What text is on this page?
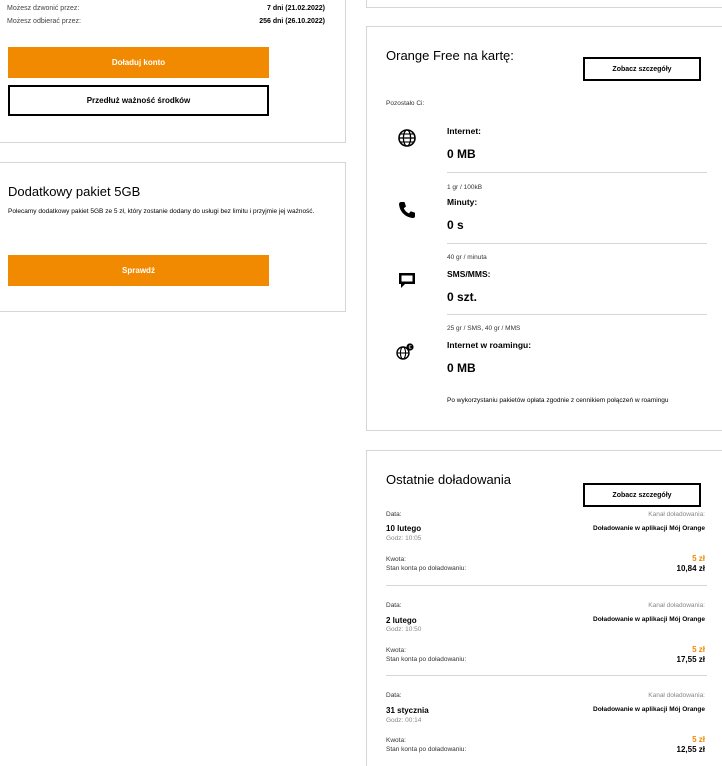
Możesz dzwonić przez:	7 dni (21.02.2022)
Możesz odbierać przez:	256 dni (26.10.2022)
Doładuj konto
Przedłuż ważność środków
Dodatkowy pakiet 5GB
Polecamy dodatkowy pakiet 5GB ze 5 zł, który zostanie dodany do usługi bez limitu i przyjmie jej ważność.
Sprawdź
Orange Free na kartę:
Zobacz szczegóły
Pozostało Ci:
Internet:
0 MB
1 gr / 100kB
Minuty:
0 s
40 gr / minuta
SMS/MMS:
0 szt.
25 gr / SMS, 40 gr / MMS
€	Internet w roamingu:
0 MB
Po wykorzystaniu pakietów opłata zgodnie z cennikiem połączeń w roamingu
Ostatnie doładowania
Zobacz szczegóły
Data:	Kanał doładowania:
10 lutego	Doładowanie w aplikacji Mój Orange
Godz: 10:05
Kwota:	5 zł
Stan konta po doładowaniu:	10,84 zł
Data:	Kanał doładowania:
2 lutego	Doładowanie w aplikacji Mój Orange
Godz: 10:50
Kwota:	5 zł
Stan konta po doładowaniu:	17,55 zł
Data:	Kanał doładowania:
31 stycznia	Doładowanie w aplikacji Mój Orange
Godz: 00:14
Kwota:	5 zł
Stan konta po doładowaniu:	12,55 zł
